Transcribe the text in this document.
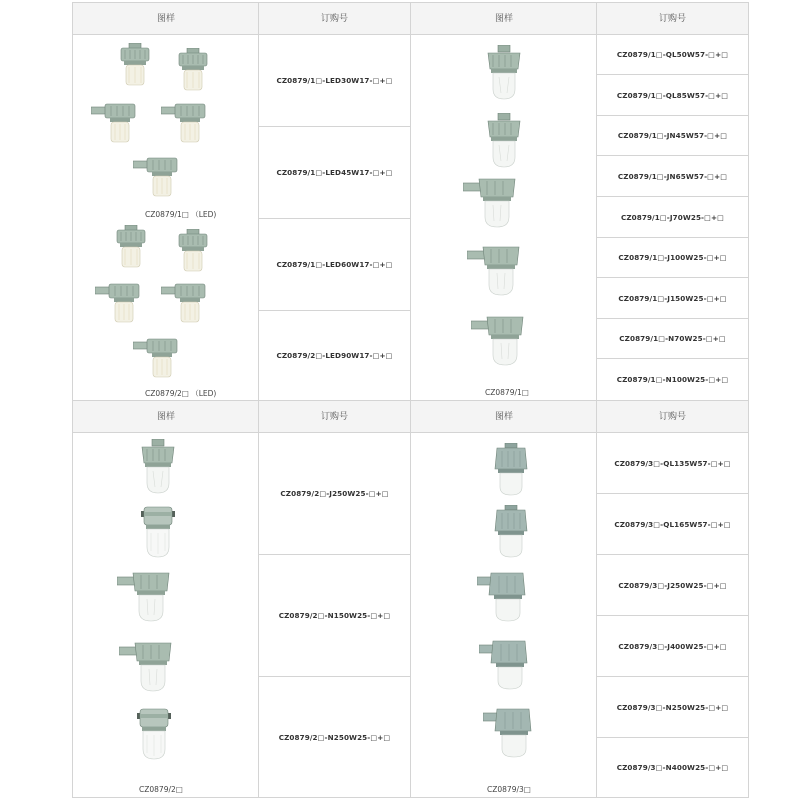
图样	订购号
CZ0879/1□ （LED)
CZ0879/2□ （LED)
CZ0879/1□-LED30W17-□+□
CZ0879/1□-LED45W17-□+□
CZ0879/1□-LED60W17-□+□
CZ0879/2□-LED90W17-□+□
图样	订购号
CZ0879/1□
CZ0879/1□-QL50W57-□+□
CZ0879/1□-QL85W57-□+□
CZ0879/1□-JN45W57-□+□
CZ0879/1□-JN65W57-□+□
CZ0879/1□-J70W25-□+□
CZ0879/1□-J100W25-□+□
CZ0879/1□-J150W25-□+□
CZ0879/1□-N70W25-□+□
CZ0879/1□-N100W25-□+□
图样	订购号
CZ0879/2□
CZ0879/2□-J250W25-□+□
CZ0879/2□-N150W25-□+□
CZ0879/2□-N250W25-□+□
图样	订购号
CZ0879/3□
CZ0879/3□-QL135W57-□+□
CZ0879/3□-QL165W57-□+□
CZ0879/3□-J250W25-□+□
CZ0879/3□-J400W25-□+□
CZ0879/3□-N250W25-□+□
CZ0879/3□-N400W25-□+□
